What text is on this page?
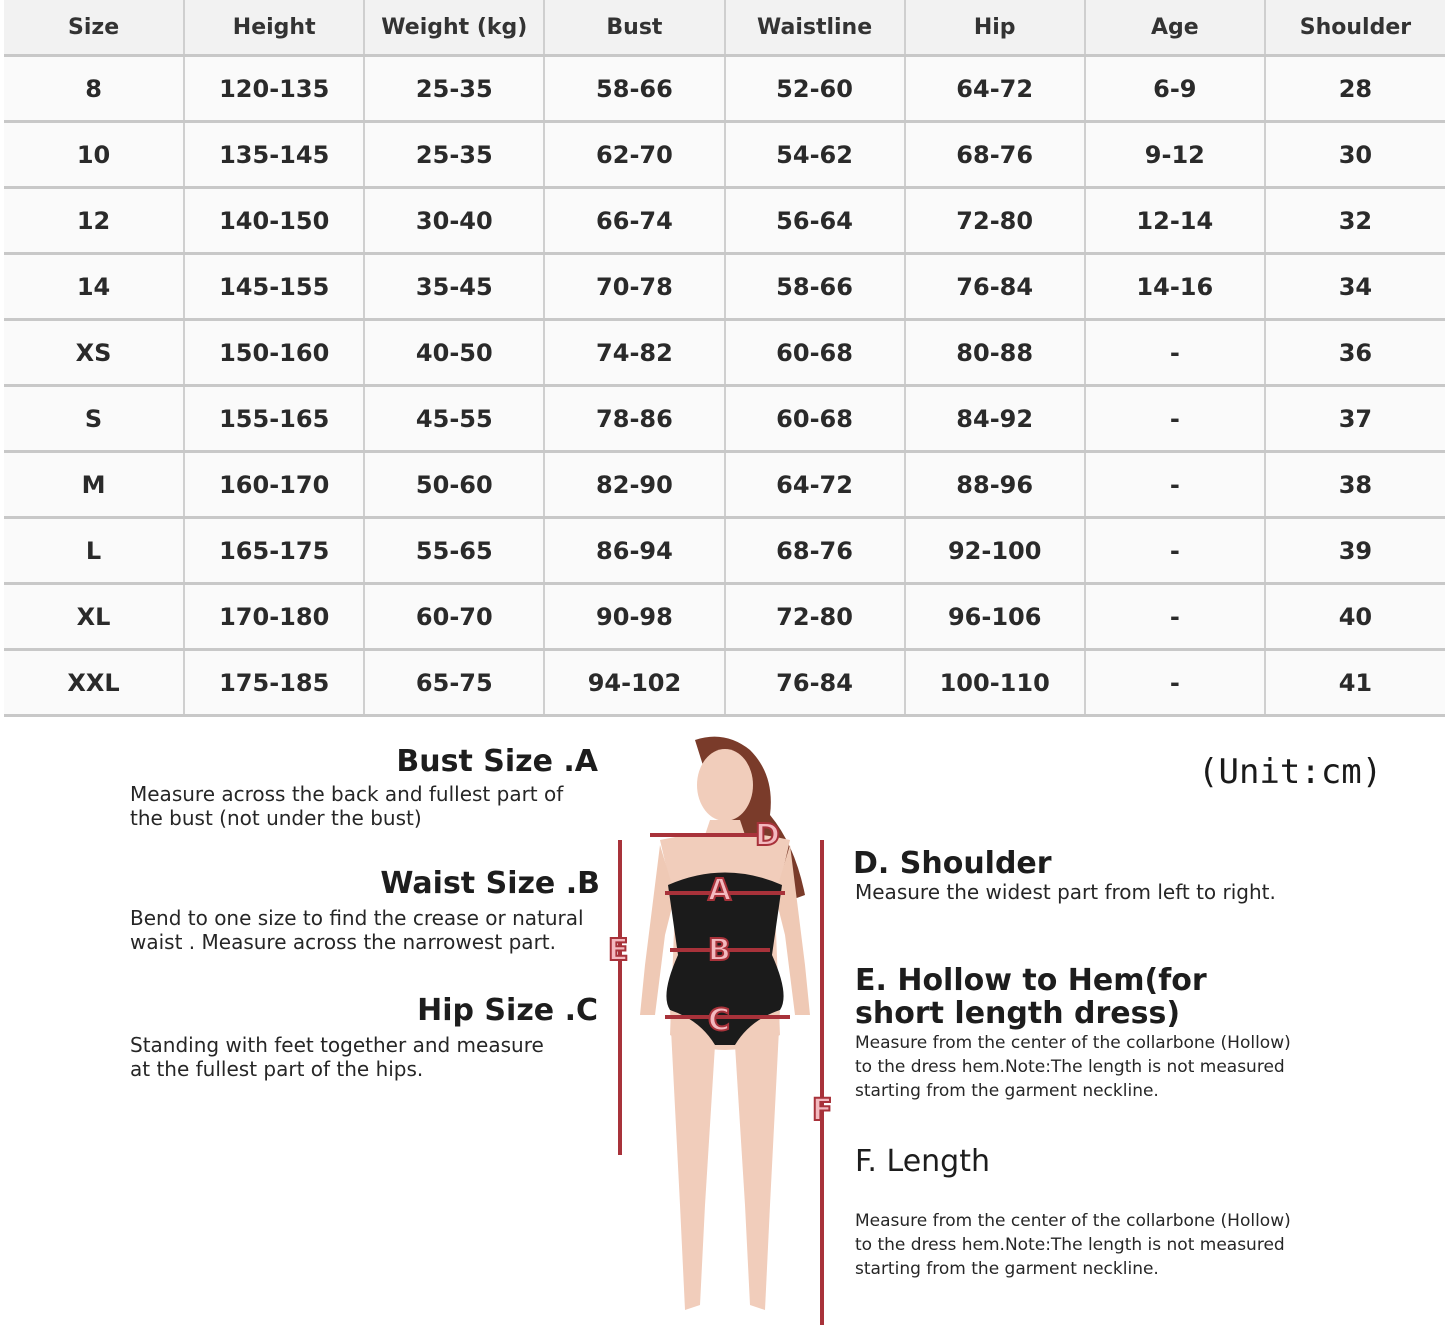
Size	Height	Weight (kg)	Bust	Waistline	Hip	Age	Shoulder
8	120-135	25-35	58-66	52-60	64-72	6-9	28
10	135-145	25-35	62-70	54-62	68-76	9-12	30
12	140-150	30-40	66-74	56-64	72-80	12-14	32
14	145-155	35-45	70-78	58-66	76-84	14-16	34
XS	150-160	40-50	74-82	60-68	80-88	-	36
S	155-165	45-55	78-86	60-68	84-92	-	37
M	160-170	50-60	82-90	64-72	88-96	-	38
L	165-175	55-65	86-94	68-76	92-100	-	39
XL	170-180	60-70	90-98	72-80	96-106	-	40
XXL	175-185	65-75	94-102	76-84	100-110	-	41
(Unit:cm)
Bust Size .A
Measure across the back and fullest part of the bust (not under the bust)
Waist Size .B
Bend to one size to find the crease or natural waist . Measure across the narrowest part.
Hip Size .C
Standing with feet together and measure at the fullest part of the hips.
D
A
B
C
E
F
D. Shoulder
Measure the widest part from left to right.
E. Hollow to Hem(for short length dress)
Measure from the center of the collarbone (Hollow) to the dress hem.Note:The length is not measured starting from the garment neckline.
F. Length
Measure from the center of the collarbone (Hollow) to the dress hem.Note:The length is not measured starting from the garment neckline.
